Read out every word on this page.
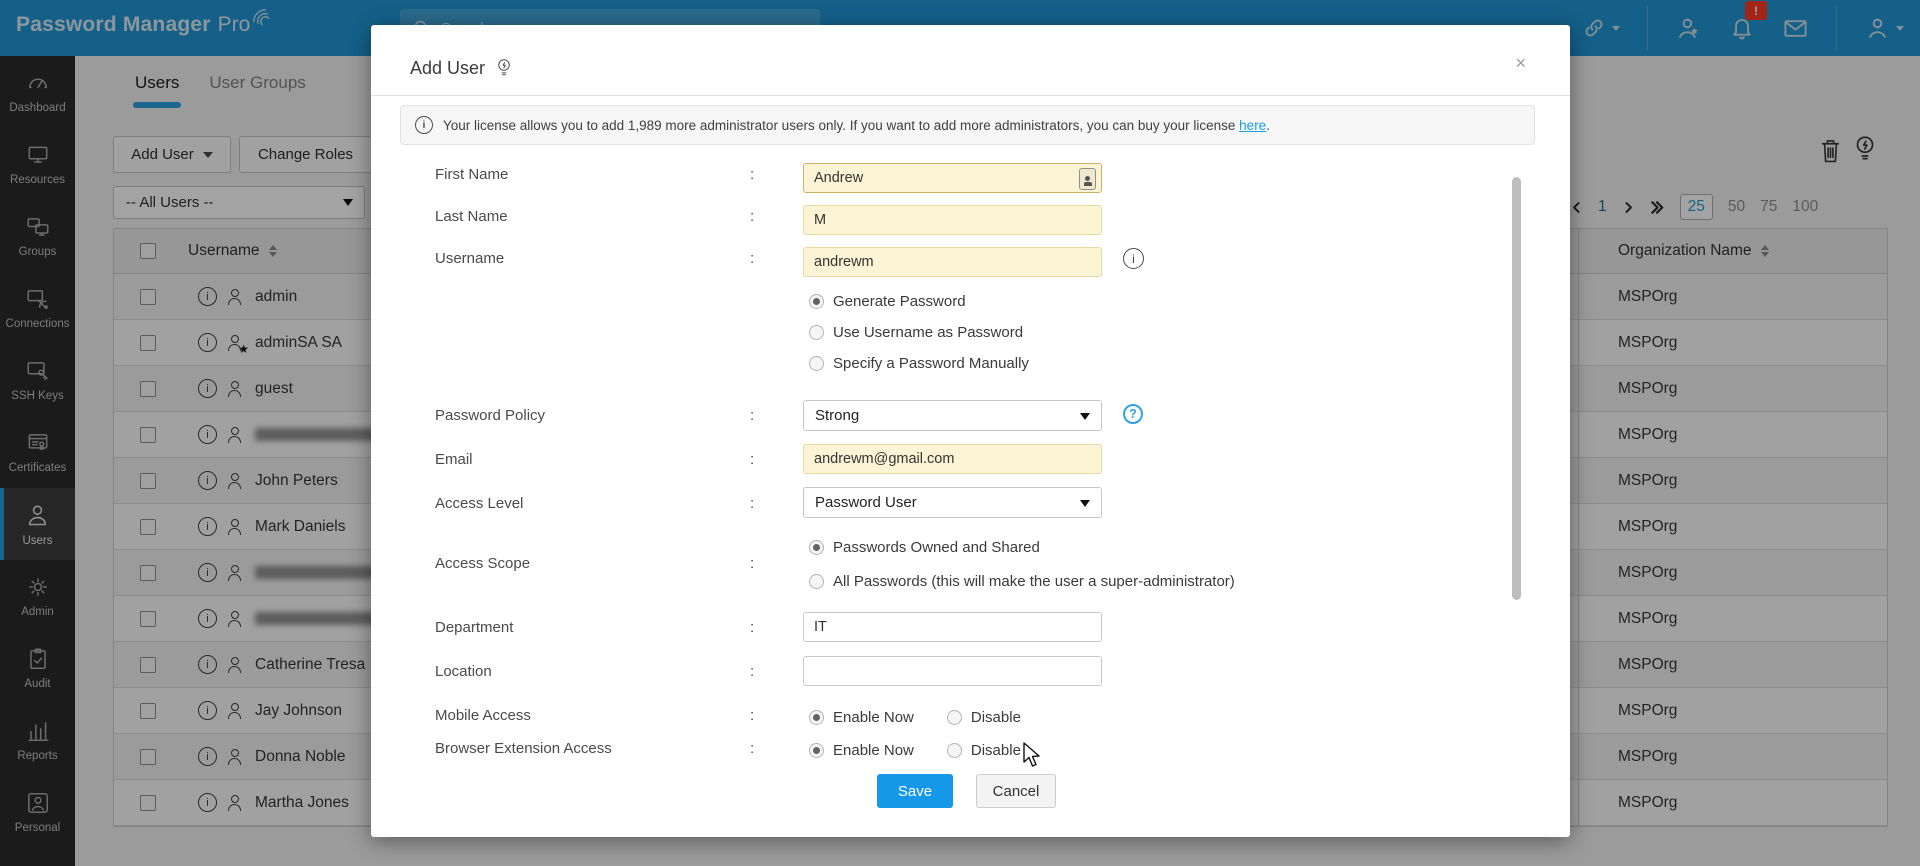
Password Manager Pro
!
Dashboard
Resources
Groups
Connections
SSH Keys
Certificates
Users
Admin
Audit
Reports
Personal
Users User Groups
Add User	Change Roles
-- All Users --	1	25	50 75 100
Username	Organization Name
i
admin	MSPOrg
i
★ adminSA SA	MSPOrg
i
guest	MSPOrg
i
MSPOrg
i
John Peters	MSPOrg
i
Mark Daniels	MSPOrg
i
MSPOrg
i
MSPOrg
i
Catherine Tresa	MSPOrg
i
Jay Johnson	MSPOrg
i
Donna Noble	MSPOrg
i
Martha Jones	MSPOrg
Add User	×
i
Your license allows you to add 1,989 more administrator users only. If you want to add more administrators, you can buy your license here.
First Name :	Andrew
Last Name :	M
Username :	andrewm
i
Generate Password
Use Username as Password
Specify a Password Manually
Password Policy :	Strong
?
Email :	andrewm@gmail.com
Access Level :	Password User
Access Scope
:
Passwords Owned and Shared
All Passwords (this will make the user a super-administrator)
Department :	IT
Location
:
Mobile Access :	Enable Now	Disable
Browser Extension Access :	Enable Now	Disable
Save	Cancel
